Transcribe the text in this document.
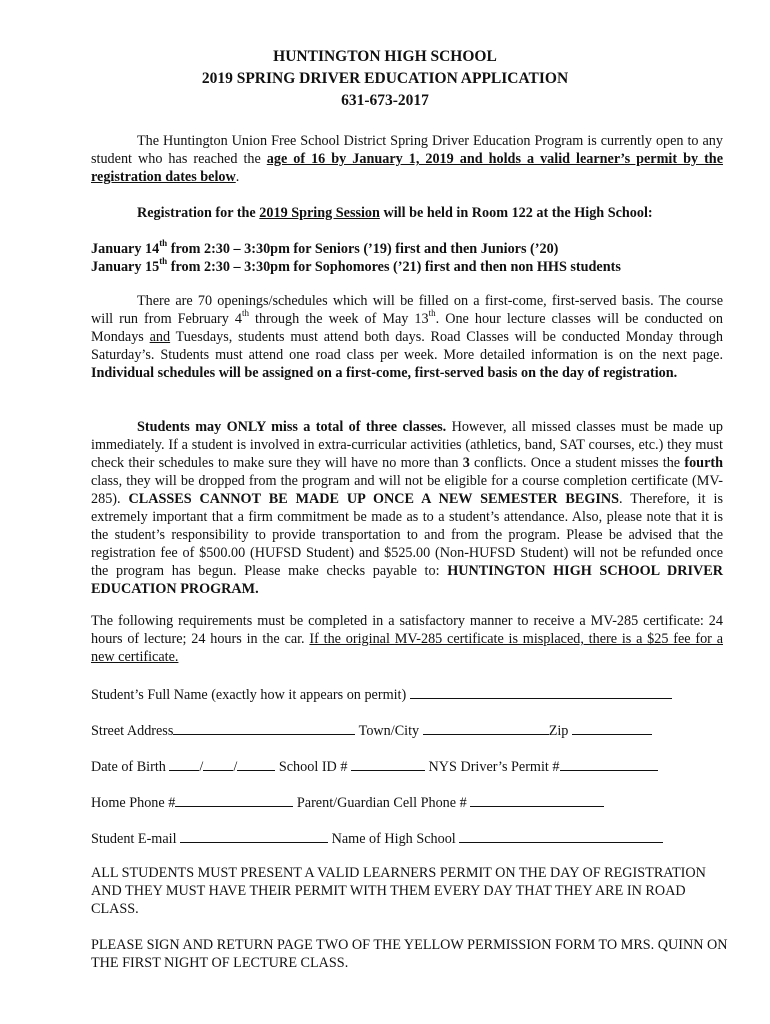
HUNTINGTON HIGH SCHOOL
2019 SPRING DRIVER EDUCATION APPLICATION
631-673-2017
The Huntington Union Free School District Spring Driver Education Program is currently open to any student who has reached the age of 16 by January 1, 2019 and holds a valid learner’s permit by the registration dates below.
Registration for the 2019 Spring Session will be held in Room 122 at the High School:
January 14th from 2:30 – 3:30pm for Seniors (’19) first and then Juniors (’20)
January 15th from 2:30 – 3:30pm for Sophomores (’21) first and then non HHS students
There are 70 openings/schedules which will be filled on a first-come, first-served basis. The course will run from February 4th through the week of May 13th. One hour lecture classes will be conducted on Mondays and Tuesdays, students must attend both days. Road Classes will be conducted Monday through Saturday’s. Students must attend one road class per week. More detailed information is on the next page. Individual schedules will be assigned on a first-come, first-served basis on the day of registration.
Students may ONLY miss a total of three classes. However, all missed classes must be made up immediately. If a student is involved in extra-curricular activities (athletics, band, SAT courses, etc.) they must check their schedules to make sure they will have no more than 3 conflicts. Once a student misses the fourth class, they will be dropped from the program and will not be eligible for a course completion certificate (MV-285). CLASSES CANNOT BE MADE UP ONCE A NEW SEMESTER BEGINS. Therefore, it is extremely important that a firm commitment be made as to a student’s attendance. Also, please note that it is the student’s responsibility to provide transportation to and from the program. Please be advised that the registration fee of $500.00 (HUFSD Student) and $525.00 (Non-HUFSD Student) will not be refunded once the program has begun. Please make checks payable to: HUNTINGTON HIGH SCHOOL DRIVER EDUCATION PROGRAM.
The following requirements must be completed in a satisfactory manner to receive a MV-285 certificate: 24 hours of lecture; 24 hours in the car. If the original MV-285 certificate is misplaced, there is a $25 fee for a new certificate.
Student’s Full Name (exactly how it appears on permit)
Street Address	Town/City	Zip
Date of Birth / /	School ID #	NYS Driver’s Permit #
Home Phone #	Parent/Guardian Cell Phone #
Student E-mail	Name of High School
ALL STUDENTS MUST PRESENT A VALID LEARNERS PERMIT ON THE DAY OF REGISTRATION AND THEY MUST HAVE THEIR PERMIT WITH THEM EVERY DAY THAT THEY ARE IN ROAD CLASS.
PLEASE SIGN AND RETURN PAGE TWO OF THE YELLOW PERMISSION FORM TO MRS. QUINN ON THE FIRST NIGHT OF LECTURE CLASS.
